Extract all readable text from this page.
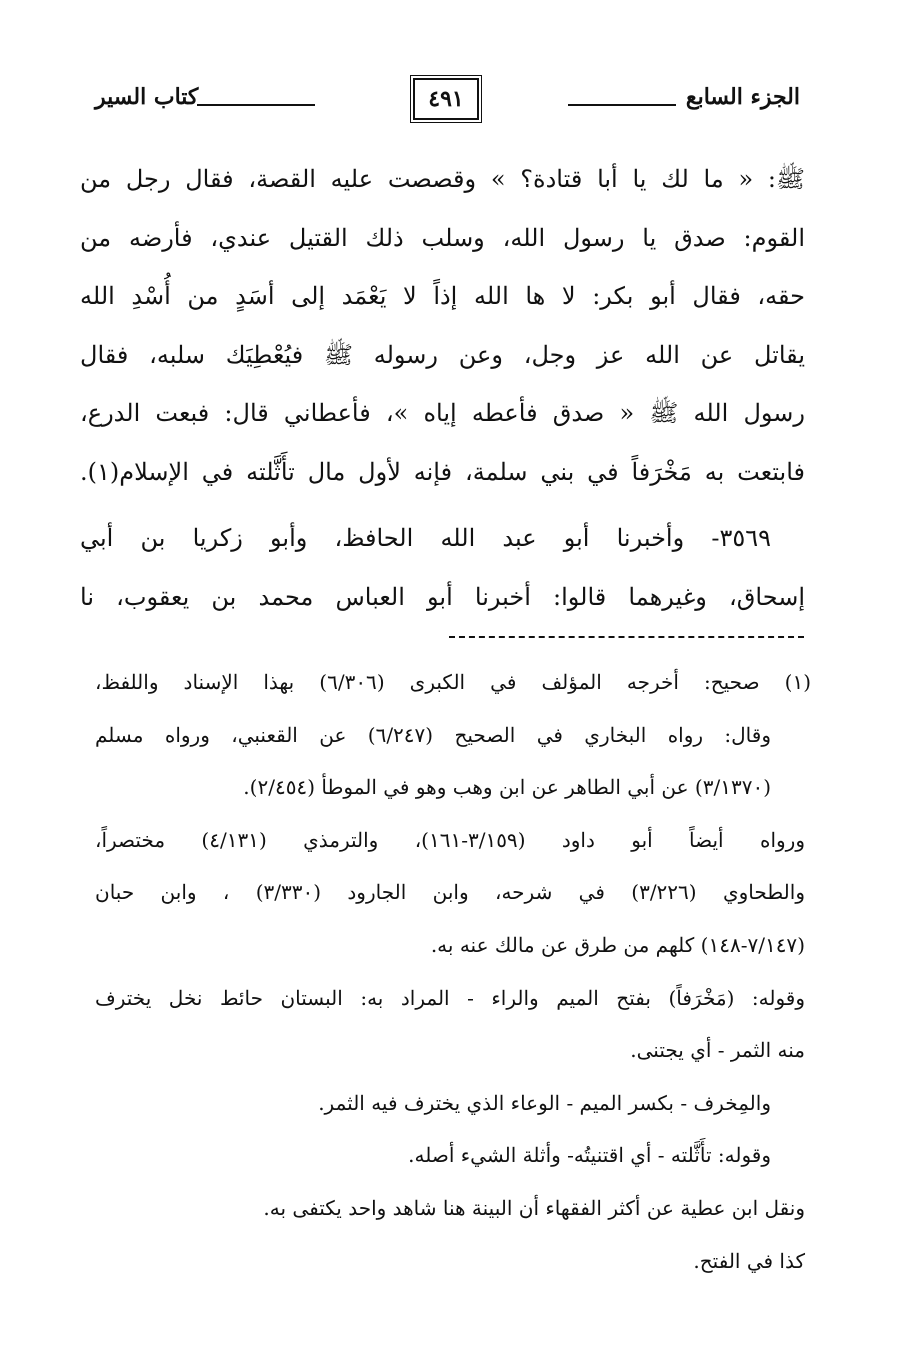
الجزء السابع
٤٩١
كتاب السير
ﷺ: « ما لك يا أبا قتادة؟ » وقصصت عليه القصة، فقال رجل من
القوم: صدق يا رسول الله، وسلب ذلك القتيل عندي، فأرضه من
حقه، فقال أبو بكر: لا ها الله إذاً لا يَعْمَد إلى أسَدٍ من أُسْدِ الله
يقاتل عن الله عز وجل، وعن رسوله ﷺ فيُعْطِيَك سلبه، فقال
رسول الله ﷺ « صدق فأعطه إياه »، فأعطاني قال: فبعت الدرع،
فابتعت به مَخْرَفاً في بني سلمة، فإنه لأول مال تأَثَّلته في الإسلام(١).
٣٥٦٩- وأخبرنا أبو عبد الله الحافظ، وأبو زكريا بن أبي
إسحاق، وغيرهما قالوا: أخبرنا أبو العباس محمد بن يعقوب، نا
(١) صحيح: أخرجه المؤلف في الكبرى (٦/٣٠٦) بهذا الإسناد واللفظ،
وقال: رواه البخاري في الصحيح (٦/٢٤٧) عن القعنبي، ورواه مسلم
(٣/١٣٧٠) عن أبي الطاهر عن ابن وهب وهو في الموطأ (٢/٤٥٤).
ورواه أيضاً أبو داود (٣/١٥٩-١٦١)، والترمذي (٤/١٣١) مختصراً،
والطحاوي (٣/٢٢٦) في شرحه، وابن الجارود (٣/٣٣٠) ، وابن حبان
(٧/١٤٧-١٤٨) كلهم من طرق عن مالك عنه به.
وقوله: (مَخْرَفاً) بفتح الميم والراء - المراد به: البستان حائط نخل يخترف
منه الثمر - أي يجتنى.
والمِخرف - بكسر الميم - الوعاء الذي يخترف فيه الثمر.
وقوله: تأَثَّلته - أي اقتنيتُه- وأثلة الشيء أصله.
ونقل ابن عطية عن أكثر الفقهاء أن البينة هنا شاهد واحد يكتفى به.
كذا في الفتح.
